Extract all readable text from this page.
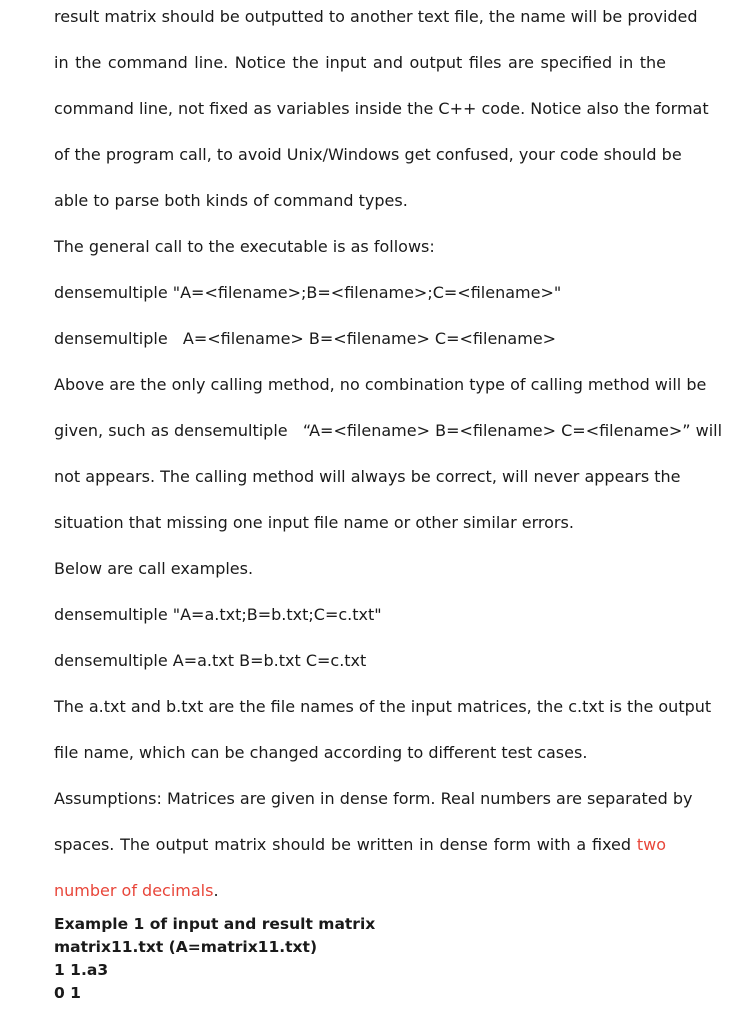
result matrix should be outputted to another text file, the name will be provided
in the command line. Notice the input and output files are specified in the
command line, not fixed as variables inside the C++ code. Notice also the format
of the program call, to avoid Unix/Windows get confused, your code should be
able to parse both kinds of command types.
The general call to the executable is as follows:
densemultiple "A=<filename>;B=<filename>;C=<filename>"
densemultiple   A=<filename> B=<filename> C=<filename>
Above are the only calling method, no combination type of calling method will be
given, such as densemultiple   “A=<filename> B=<filename> C=<filename>” will
not appears. The calling method will always be correct, will never appears the
situation that missing one input file name or other similar errors.
Below are call examples.
densemultiple "A=a.txt;B=b.txt;C=c.txt"
densemultiple A=a.txt B=b.txt C=c.txt
The a.txt and b.txt are the file names of the input matrices, the c.txt is the output
file name, which can be changed according to different test cases.
Assumptions: Matrices are given in dense form. Real numbers are separated by
spaces. The output matrix should be written in dense form with a fixed two
number of decimals.
Example 1 of input and result matrix
matrix11.txt (A=matrix11.txt)
1 1.a3
0 1
